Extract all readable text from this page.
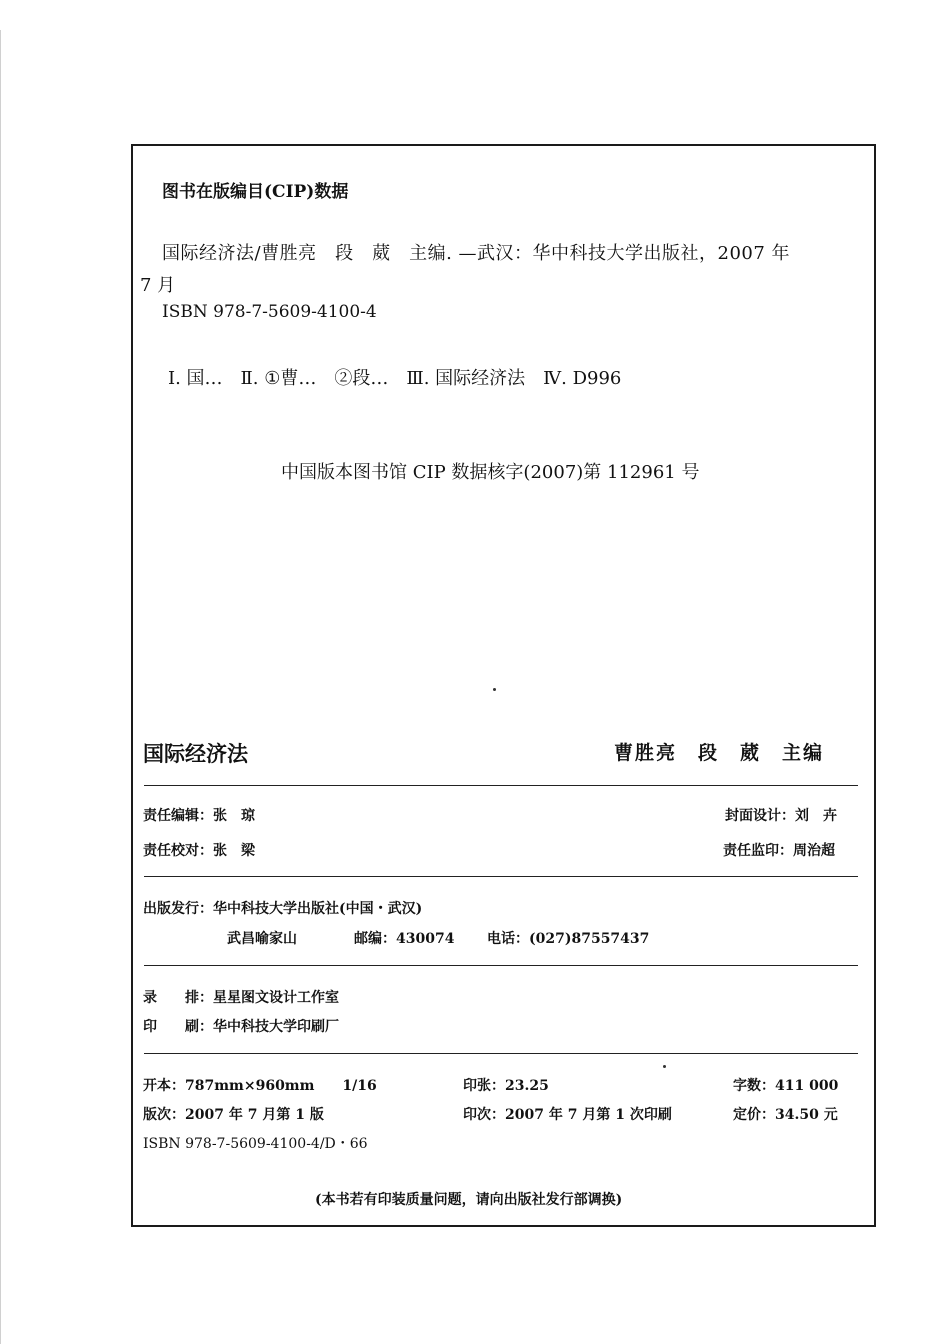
图书在版编目(CIP)数据
国际经济法/曹胜亮　段　葳　主编. —武汉：华中科技大学出版社，2007 年
7 月
ISBN 978-7-5609-4100-4
Ⅰ. 国…　Ⅱ. ①曹…　②段…　Ⅲ. 国际经济法　Ⅳ. D996
中国版本图书馆 CIP 数据核字(2007)第 112961 号
国际经济法	曹胜亮　段　葳　主编
责任编辑：张　琼	封面设计：刘　卉
责任校对：张　梁	责任监印：周治超
出版发行：华中科技大学出版社(中国・武汉)
武昌喻家山	邮编：430074 电话：(027)87557437
录　　排：星星图文设计工作室
印　　刷：华中科技大学印刷厂
开本：787mm×960mm　　1/16	印张：23.25	字数：411 000
版次：2007 年 7 月第 1 版	印次：2007 年 7 月第 1 次印刷	定价：34.50 元
ISBN 978-7-5609-4100-4/D・66
(本书若有印装质量问题，请向出版社发行部调换)
